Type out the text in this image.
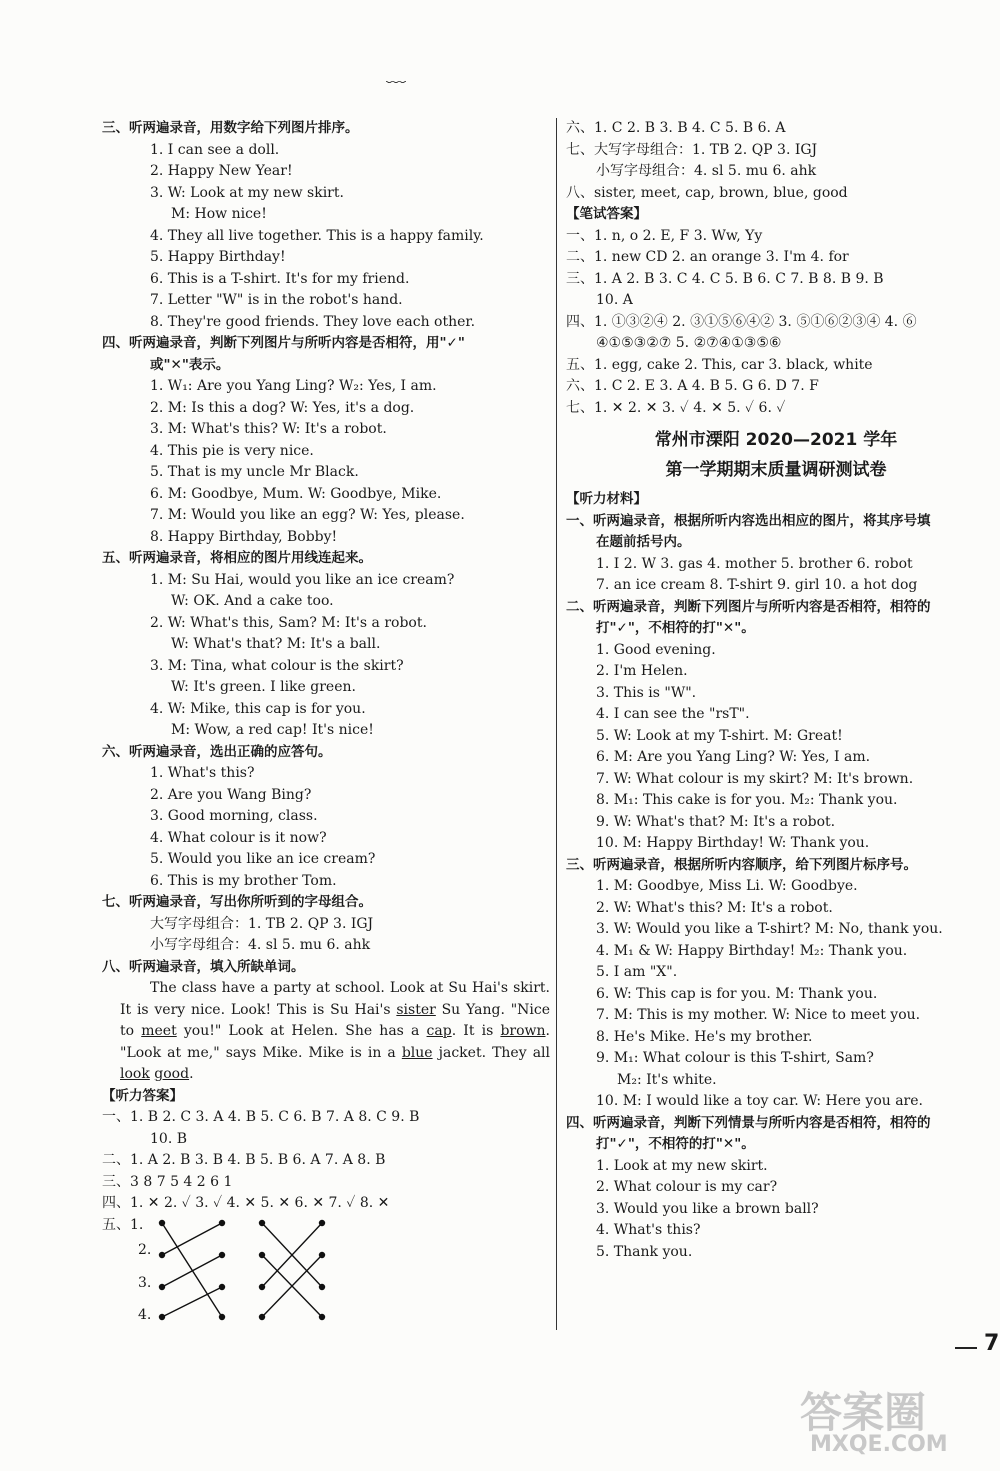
﹋
三、听两遍录音，用数字给下列图片排序。
1. I can see a doll.
2. Happy New Year!
3. W: Look at my new skirt.
M: How nice!
4. They all live together. This is a happy family.
5. Happy Birthday!
6. This is a T-shirt. It's for my friend.
7. Letter "W" is in the robot's hand.
8. They're good friends. They love each other.
四、听两遍录音，判断下列图片与所听内容是否相符，用"✓"
或"✕"表示。
1. W₁: Are you Yang Ling? W₂: Yes, I am.
2. M: Is this a dog? W: Yes, it's a dog.
3. M: What's this? W: It's a robot.
4. This pie is very nice.
5. That is my uncle Mr Black.
6. M: Goodbye, Mum. W: Goodbye, Mike.
7. M: Would you like an egg? W: Yes, please.
8. Happy Birthday, Bobby!
五、听两遍录音，将相应的图片用线连起来。
1. M: Su Hai, would you like an ice cream?
W: OK. And a cake too.
2. W: What's this, Sam? M: It's a robot.
W: What's that? M: It's a ball.
3. M: Tina, what colour is the skirt?
W: It's green. I like green.
4. W: Mike, this cap is for you.
M: Wow, a red cap! It's nice!
六、听两遍录音，选出正确的应答句。
1. What's this?
2. Are you Wang Bing?
3. Good morning, class.
4. What colour is it now?
5. Would you like an ice cream?
6. This is my brother Tom.
七、听两遍录音，写出你所听到的字母组合。
大写字母组合：1. TB 2. QP 3. IGJ
小写字母组合：4. sl 5. mu 6. ahk
八、听两遍录音，填入所缺单词。
The class have a party at school. Look at Su Hai's skirt. It is very nice. Look! This is Su Hai's sister Su Yang. "Nice to meet you!" Look at Helen. She has a cap. It is brown. "Look at me," says Mike. Mike is in a blue jacket. They all look good.
【听力答案】
一、1. B 2. C 3. A 4. B 5. C 6. B 7. A 8. C 9. B
10. B
二、1. A 2. B 3. B 4. B 5. B 6. A 7. A 8. B
三、3 8 7 5 4 2 6 1
四、1. ✕ 2. ✓ 3. ✓ 4. ✕ 5. ✕ 6. ✕ 7. ✓ 8. ✕
五、1.
2.
3.
4.
六、1. C 2. B 3. B 4. C 5. B 6. A
七、大写字母组合：1. TB 2. QP 3. IGJ
小写字母组合：4. sl 5. mu 6. ahk
八、sister, meet, cap, brown, blue, good
【笔试答案】
一、1. n, o 2. E, F 3. Ww, Yy
二、1. new CD 2. an orange 3. I'm 4. for
三、1. A 2. B 3. C 4. C 5. B 6. C 7. B 8. B 9. B
10. A
四、1. ①③②④ 2. ③①⑤⑥④② 3. ⑤①⑥②③④ 4. ⑥
④①⑤③②⑦ 5. ②⑦④①③⑤⑥
五、1. egg, cake 2. This, car 3. black, white
六、1. C 2. E 3. A 4. B 5. G 6. D 7. F
七、1. ✕ 2. ✕ 3. ✓ 4. ✕ 5. ✓ 6. ✓
常州市溧阳 2020—2021 学年
第一学期期末质量调研测试卷
【听力材料】
一、听两遍录音，根据所听内容选出相应的图片，将其序号填
在题前括号内。
1. I 2. W 3. gas 4. mother 5. brother 6. robot
7. an ice cream 8. T-shirt 9. girl 10. a hot dog
二、听两遍录音，判断下列图片与所听内容是否相符，相符的
打"✓"，不相符的打"✕"。
1. Good evening.
2. I'm Helen.
3. This is "W".
4. I can see the "rsT".
5. W: Look at my T-shirt. M: Great!
6. M: Are you Yang Ling? W: Yes, I am.
7. W: What colour is my skirt? M: It's brown.
8. M₁: This cake is for you. M₂: Thank you.
9. W: What's that? M: It's a robot.
10. M: Happy Birthday! W: Thank you.
三、听两遍录音，根据所听内容顺序，给下列图片标序号。
1. M: Goodbye, Miss Li. W: Goodbye.
2. W: What's this? M: It's a robot.
3. W: Would you like a T-shirt? M: No, thank you.
4. M₁ & W: Happy Birthday! M₂: Thank you.
5. I am "X".
6. W: This cap is for you. M: Thank you.
7. M: This is my mother. W: Nice to meet you.
8. He's Mike. He's my brother.
9. M₁: What colour is this T-shirt, Sam?
M₂: It's white.
10. M: I would like a toy car. W: Here you are.
四、听两遍录音，判断下列情景与所听内容是否相符，相符的
打"✓"，不相符的打"✕"。
1. Look at my new skirt.
2. What colour is my car?
3. Would you like a brown ball?
4. What's this?
5. Thank you.
7
答案圈
MXQE.COM
